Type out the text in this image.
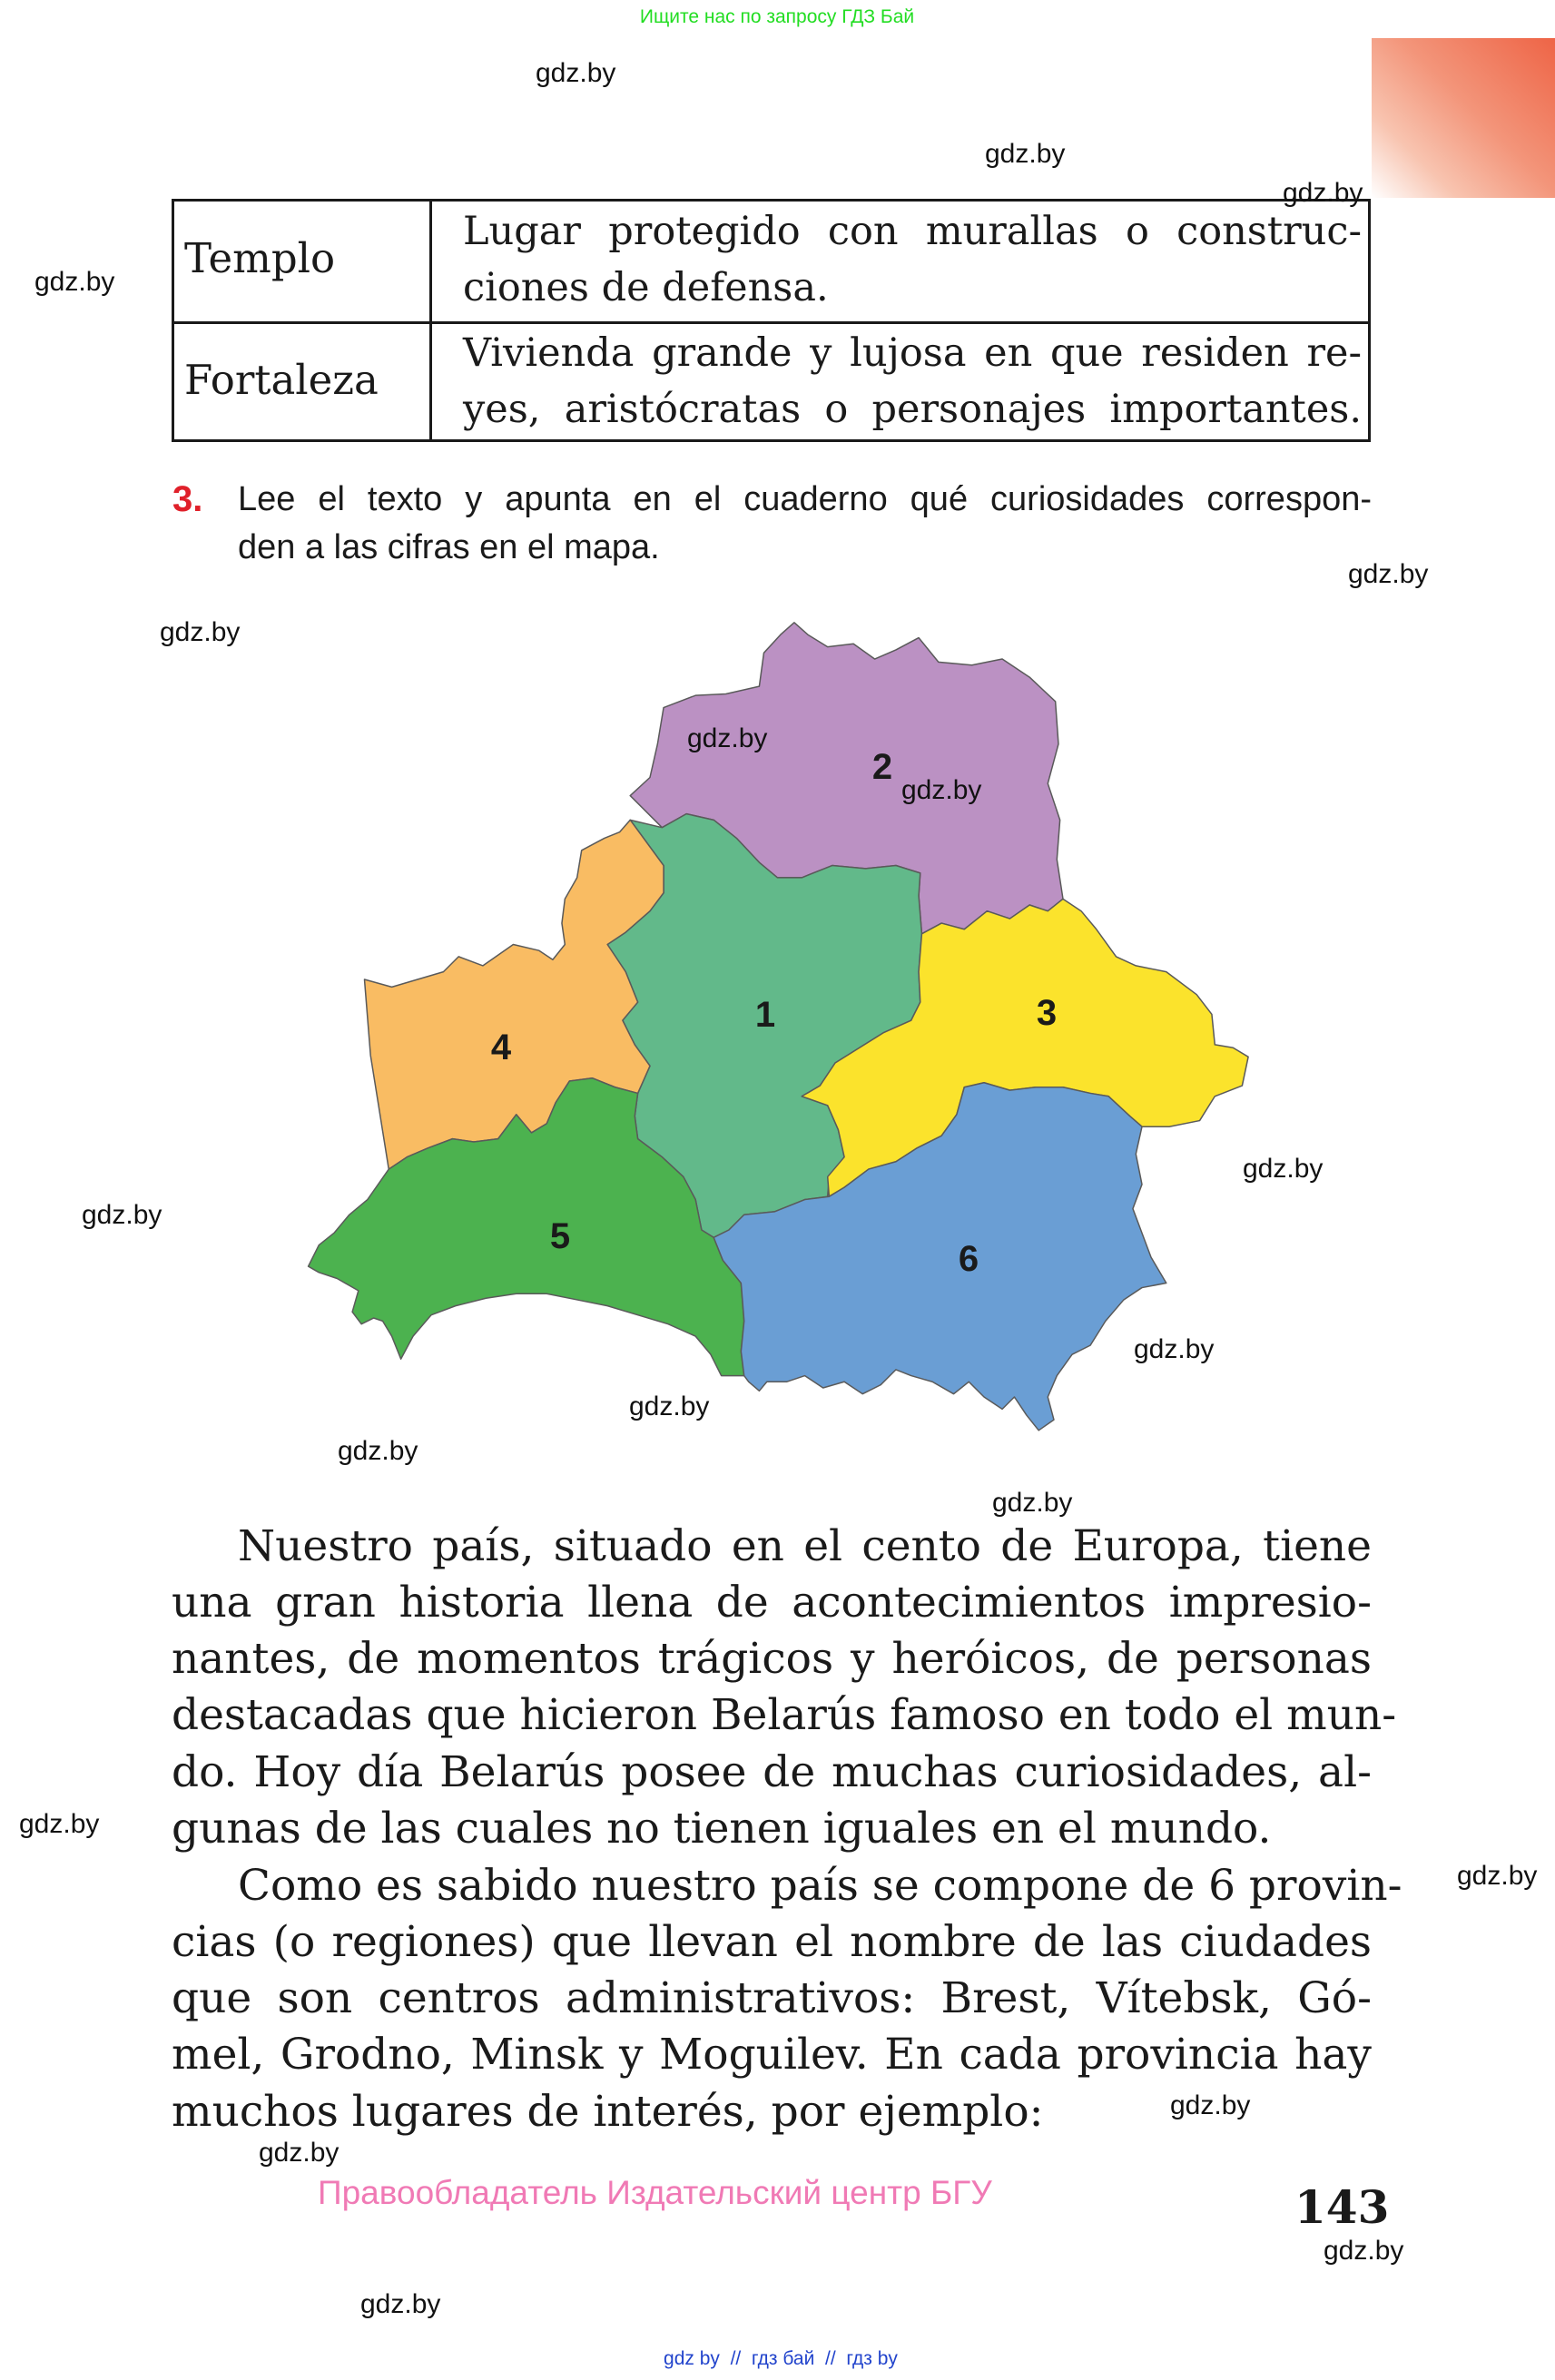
Ищите нас по запросу ГДЗ Бай
Templo
Lugar protegido con murallas o construc-
ciones de defensa.
Fortaleza
Vivienda grande y lujosa en que residen re-
yes, aristócratas o personajes importantes.
3. Lee el texto y apunta en el cuaderno qué curiosidades correspon-
den a las cifras en el mapa.
1
2
3
4
5
6
Nuestro país, situado en el cento de Europa, tiene
una gran historia llena de acontecimientos impresio-
nantes, de momentos trágicos y heróicos, de personas
destacadas que hicieron Belarús famoso en todo el mun-
do. Hoy día Belarús posee de muchas curiosidades, al-
gunas de las cuales no tienen iguales en el mundo.
Como es sabido nuestro país se compone de 6 provin-
cias (o regiones) que llevan el nombre de las ciudades
que son centros administrativos: Brest, Vítebsk, Gó-
mel, Grodno, Minsk y Moguilev. En cada provincia hay
muchos lugares de interés, por ejemplo:
Правообладатель Издательский центр БГУ	143
gdz by  //  гдз бай  //  гдз by
gdz.by
gdz.by
gdz.by
gdz.by
gdz.by
gdz.by
gdz.by
gdz.by
gdz.by
gdz.by
gdz.by
gdz.by
gdz.by
gdz.by
gdz.by
gdz.by
gdz.by
gdz.by
gdz.by
gdz.by
